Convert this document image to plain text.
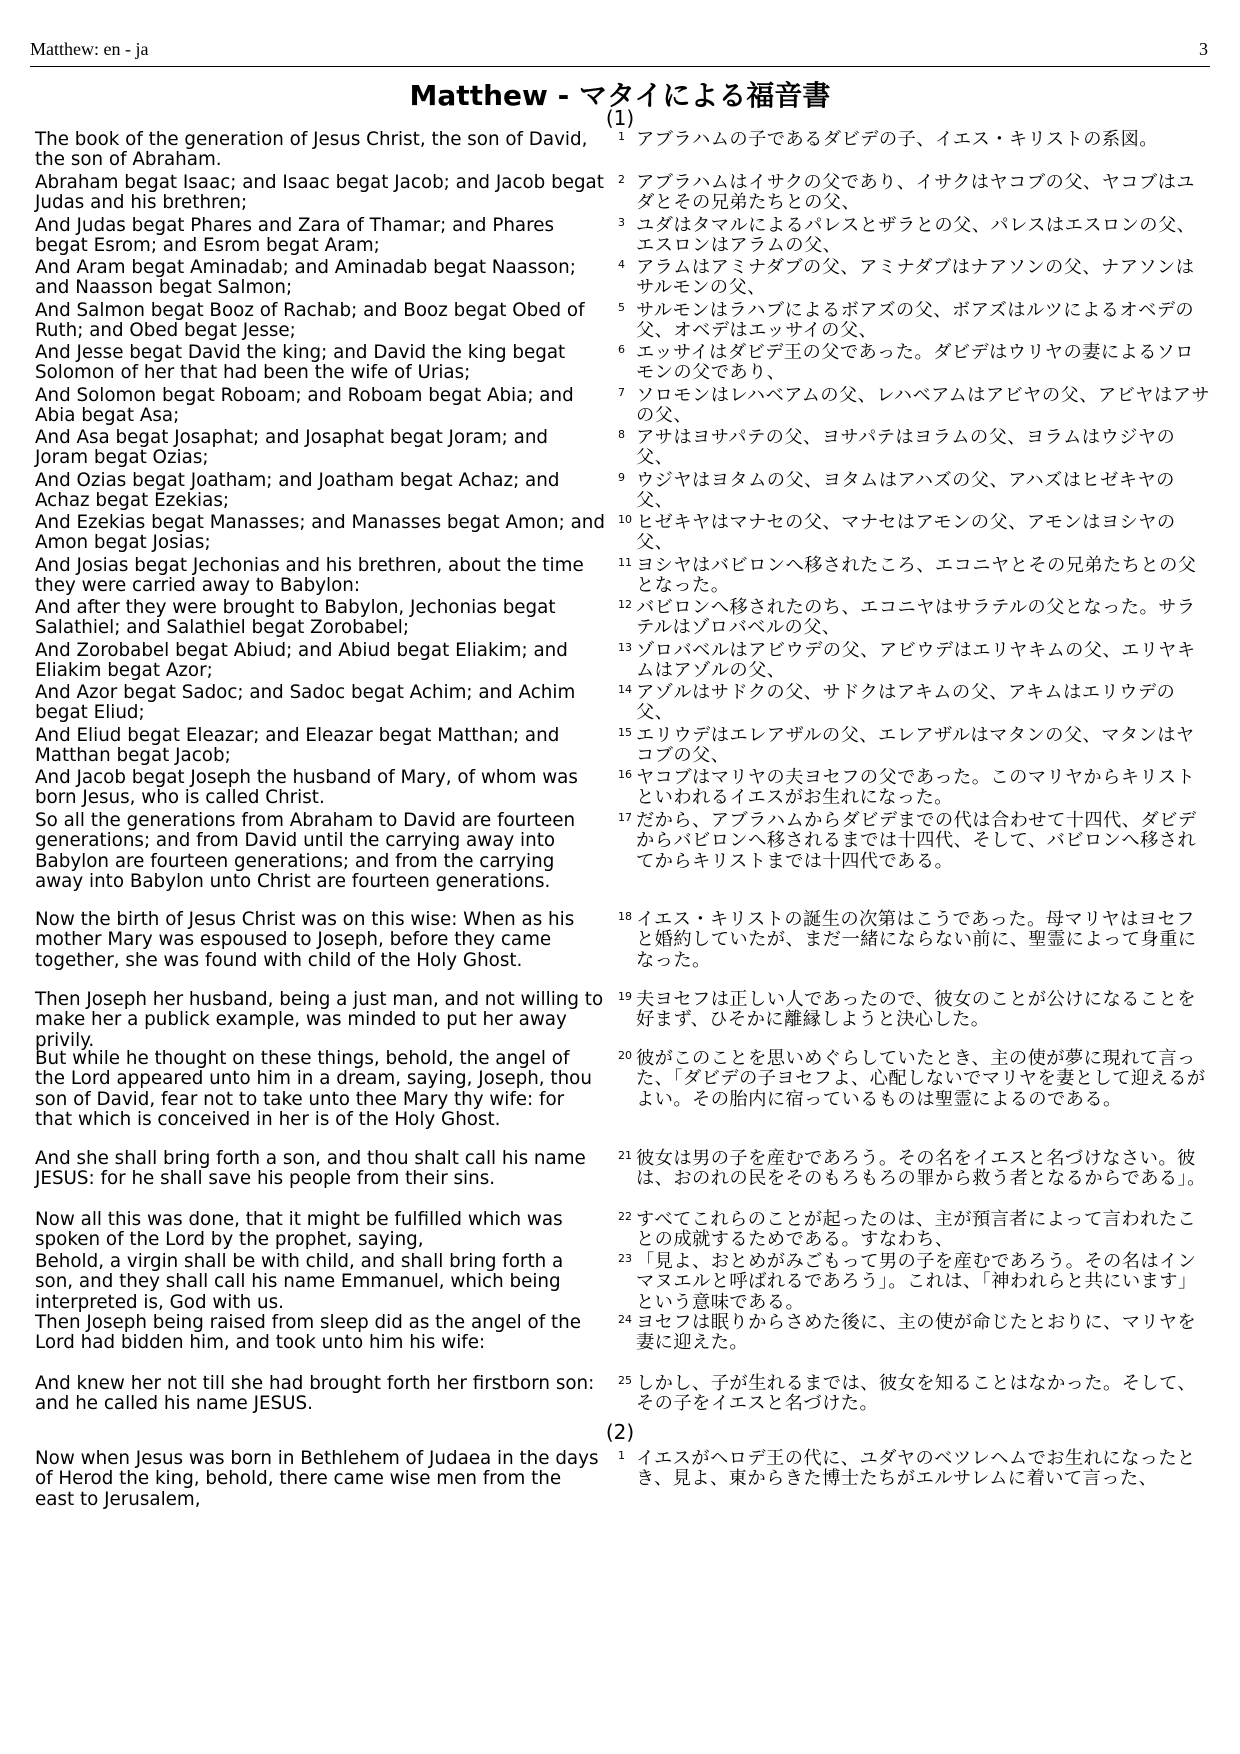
Matthew: en - ja	3
Matthew - マタイによる福音書
(1)
The book of the generation of Jesus Christ, the son of David, the son of Abraham.
1 アブラハムの子であるダビデの子、イエス・キリストの系図。
Abraham begat Isaac; and Isaac begat Jacob; and Jacob begat Judas and his brethren;
2 アブラハムはイサクの父であり、イサクはヤコブの父、ヤコブはユダとその兄弟たちとの父、
And Judas begat Phares and Zara of Thamar; and Phares begat Esrom; and Esrom begat Aram;
3 ユダはタマルによるパレスとザラとの父、パレスはエスロンの父、エスロンはアラムの父、
And Aram begat Aminadab; and Aminadab begat Naasson; and Naasson begat Salmon;
4 アラムはアミナダブの父、アミナダブはナアソンの父、ナアソンはサルモンの父、
And Salmon begat Booz of Rachab; and Booz begat Obed of Ruth; and Obed begat Jesse;
5 サルモンはラハブによるボアズの父、ボアズはルツによるオベデの父、オベデはエッサイの父、
And Jesse begat David the king; and David the king begat Solomon of her that had been the wife of Urias;
6 エッサイはダビデ王の父であった。ダビデはウリヤの妻によるソロモンの父であり、
And Solomon begat Roboam; and Roboam begat Abia; and Abia begat Asa;
7 ソロモンはレハベアムの父、レハベアムはアビヤの父、アビヤはアサの父、
And Asa begat Josaphat; and Josaphat begat Joram; and Joram begat Ozias;
8 アサはヨサパテの父、ヨサパテはヨラムの父、ヨラムはウジヤの父、
And Ozias begat Joatham; and Joatham begat Achaz; and Achaz begat Ezekias;
9 ウジヤはヨタムの父、ヨタムはアハズの父、アハズはヒゼキヤの父、
And Ezekias begat Manasses; and Manasses begat Amon; and Amon begat Josias;
10 ヒゼキヤはマナセの父、マナセはアモンの父、アモンはヨシヤの父、
And Josias begat Jechonias and his brethren, about the time they were carried away to Babylon:
11 ヨシヤはバビロンへ移されたころ、エコニヤとその兄弟たちとの父となった。
And after they were brought to Babylon, Jechonias begat Salathiel; and Salathiel begat Zorobabel;
12 バビロンへ移されたのち、エコニヤはサラテルの父となった。サラテルはゾロバベルの父、
And Zorobabel begat Abiud; and Abiud begat Eliakim; and Eliakim begat Azor;
13 ゾロバベルはアビウデの父、アビウデはエリヤキムの父、エリヤキムはアゾルの父、
And Azor begat Sadoc; and Sadoc begat Achim; and Achim begat Eliud;
14 アゾルはサドクの父、サドクはアキムの父、アキムはエリウデの父、
And Eliud begat Eleazar; and Eleazar begat Matthan; and Matthan begat Jacob;
15 エリウデはエレアザルの父、エレアザルはマタンの父、マタンはヤコブの父、
And Jacob begat Joseph the husband of Mary, of whom was born Jesus, who is called Christ.
16 ヤコブはマリヤの夫ヨセフの父であった。このマリヤからキリストといわれるイエスがお生れになった。
So all the generations from Abraham to David are fourteen generations; and from David until the carrying away into Babylon are fourteen generations; and from the carrying away into Babylon unto Christ are fourteen generations.
17 だから、アブラハムからダビデまでの代は合わせて十四代、ダビデからバビロンへ移されるまでは十四代、そして、バビロンへ移されてからキリストまでは十四代である。
Now the birth of Jesus Christ was on this wise: When as his mother Mary was espoused to Joseph, before they came together, she was found with child of the Holy Ghost.
18 イエス・キリストの誕生の次第はこうであった。母マリヤはヨセフと婚約していたが、まだ一緒にならない前に、聖霊によって身重になった。
Then Joseph her husband, being a just man, and not willing to make her a publick example, was minded to put her away privily.
19 夫ヨセフは正しい人であったので、彼女のことが公けになることを好まず、ひそかに離縁しようと決心した。
But while he thought on these things, behold, the angel of the Lord appeared unto him in a dream, saying, Joseph, thou son of David, fear not to take unto thee Mary thy wife: for that which is conceived in her is of the Holy Ghost.
20 彼がこのことを思いめぐらしていたとき、主の使が夢に現れて言った、「ダビデの子ヨセフよ、心配しないでマリヤを妻として迎えるがよい。その胎内に宿っているものは聖霊によるのである。
And she shall bring forth a son, and thou shalt call his name JESUS: for he shall save his people from their sins.
21 彼女は男の子を産むであろう。その名をイエスと名づけなさい。彼は、おのれの民をそのもろもろの罪から救う者となるからである」。
Now all this was done, that it might be fulfilled which was spoken of the Lord by the prophet, saying,
22 すべてこれらのことが起ったのは、主が預言者によって言われたことの成就するためである。すなわち、
Behold, a virgin shall be with child, and shall bring forth a son, and they shall call his name Emmanuel, which being interpreted is, God with us.
23 「見よ、おとめがみごもって男の子を産むであろう。その名はインマヌエルと呼ばれるであろう」。これは、「神われらと共にいます」という意味である。
Then Joseph being raised from sleep did as the angel of the Lord had bidden him, and took unto him his wife:
24 ヨセフは眠りからさめた後に、主の使が命じたとおりに、マリヤを妻に迎えた。
And knew her not till she had brought forth her firstborn son: and he called his name JESUS.
25 しかし、子が生れるまでは、彼女を知ることはなかった。そして、その子をイエスと名づけた。
(2)
Now when Jesus was born in Bethlehem of Judaea in the days of Herod the king, behold, there came wise men from the east to Jerusalem,
1 イエスがヘロデ王の代に、ユダヤのベツレヘムでお生れになったとき、見よ、東からきた博士たちがエルサレムに着いて言った、
